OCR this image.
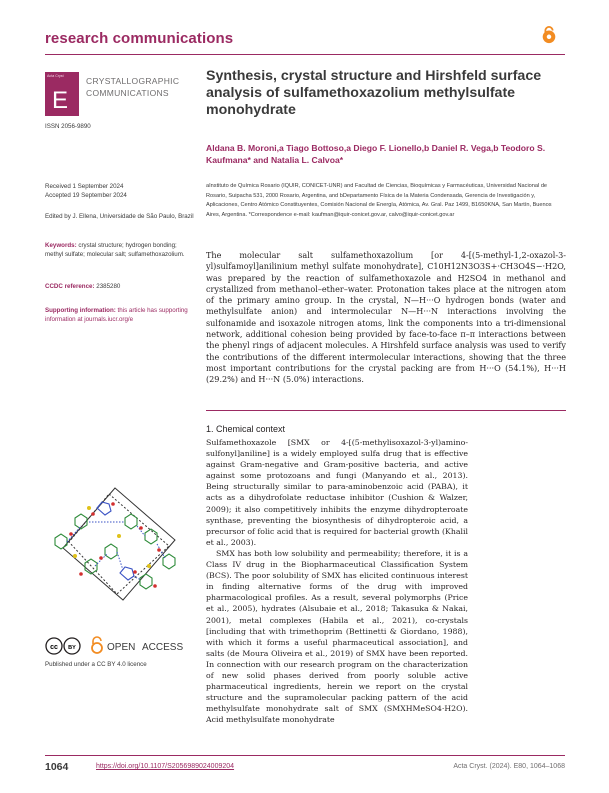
research communications
Acta Cryst
E
CRYSTALLOGRAPHIC
COMMUNICATIONS
ISSN 2056-9890
Received 1 September 2024
Accepted 19 September 2024
Edited by J. Ellena, Universidade de São Paulo, Brazil
Keywords: crystal structure; hydrogen bonding; methyl sulfate; molecular salt; sulfamethoxazolium.
CCDC reference: 2385280
Supporting information: this article has supporting information at journals.iucr.org/e
Synthesis, crystal structure and Hirshfeld surface analysis of sulfamethoxazolium methylsulfate monohydrate
Aldana B. Moroni,a Tiago Bottoso,a Diego F. Lionello,b Daniel R. Vega,b Teodoro S. Kaufmana* and Natalia L. Calvoa*
aInstituto de Química Rosario (IQUIR, CONICET-UNR) and Facultad de Ciencias, Bioquímicas y Farmacéuticas, Universidad Nacional de Rosario, Suipacha 531, 2000 Rosario, Argentina, and bDepartamento Física de la Materia Condensada, Gerencia de Investigación y, Aplicaciones, Centro Atómico Constituyentes, Comisión Nacional de Energía, Atómica, Av. Gral. Paz 1499, B1650KNA, San Martín, Buenos Aires, Argentina. *Correspondence e-mail: kaufman@iquir-conicet.gov.ar, calvo@iquir-conicet.gov.ar

The molecular salt sulfamethoxazolium [or 4-[(5-methyl-1,2-oxazol-3-yl)sulfamoyl]anilinium methyl sulfate monohydrate], C10H12N3O3S+·CH3O4S−·H2O, was prepared by the reaction of sulfamethoxazole and H2SO4 in methanol and crystallized from methanol–ether–water. Protonation takes place at the nitrogen atom of the primary amino group. In the crystal, N—H···O hydrogen bonds (water and methylsulfate anion) and intermolecular N—H···N interactions involving the sulfonamide and isoxazole nitrogen atoms, link the components into a tri-dimensional network, additional cohesion being provided by face-to-face π–π interactions between the phenyl rings of adjacent molecules. A Hirshfeld surface analysis was used to verify the contributions of the different intermolecular interactions, showing that the three most important contributions for the crystal packing are from H···O (54.1%), H···H (29.2%) and H···N (5.0%) interactions.

1. Chemical context

Sulfamethoxazole [SMX or 4-[(5-methylisoxazol-3-yl)amino-sulfonyl]aniline] is a widely employed sulfa drug that is effective against Gram-negative and Gram-positive bacteria, and active against some protozoans and fungi (Manyando et al., 2013). Being structurally similar to para-aminobenzoic acid (PABA), it acts as a dihydrofolate reductase inhibitor (Cushion & Walzer, 2009); it also competitively inhibits the enzyme dihydropteroate synthase, preventing the biosynthesis of dihydropteroic acid, a precursor of folic acid that is required for bacterial growth (Khalil et al., 2003).

SMX has both low solubility and permeability; therefore, it is a Class IV drug in the Biopharmaceutical Classification System (BCS). The poor solubility of SMX has elicited continuous interest in finding alternative forms of the drug with improved pharmacological profiles. As a result, several polymorphs (Price et al., 2005), hydrates (Alsubaie et al., 2018; Takasuka & Nakai, 2001), metal complexes (Habila et al., 2021), co-crystals [including that with trimethoprim (Bettinetti & Giordano, 1988), with which it forms a useful pharmaceutical association], and salts (de Moura Oliveira et al., 2019) of SMX have been reported. In connection with our research program on the characterization of new solid phases derived from poorly soluble active pharmaceutical ingredients, herein we report on the crystal structure and the supramolecular packing pattern of the acid methylsulfate monohydrate salt of SMX (SMXHMeSO4·H2O). Acid methylsulfate monohydrate

cc BY	OPEN ACCESS
Published under a CC BY 4.0 licence
1064	https://doi.org/10.1107/S2056989024009204	Acta Cryst. (2024). E80, 1064–1068
